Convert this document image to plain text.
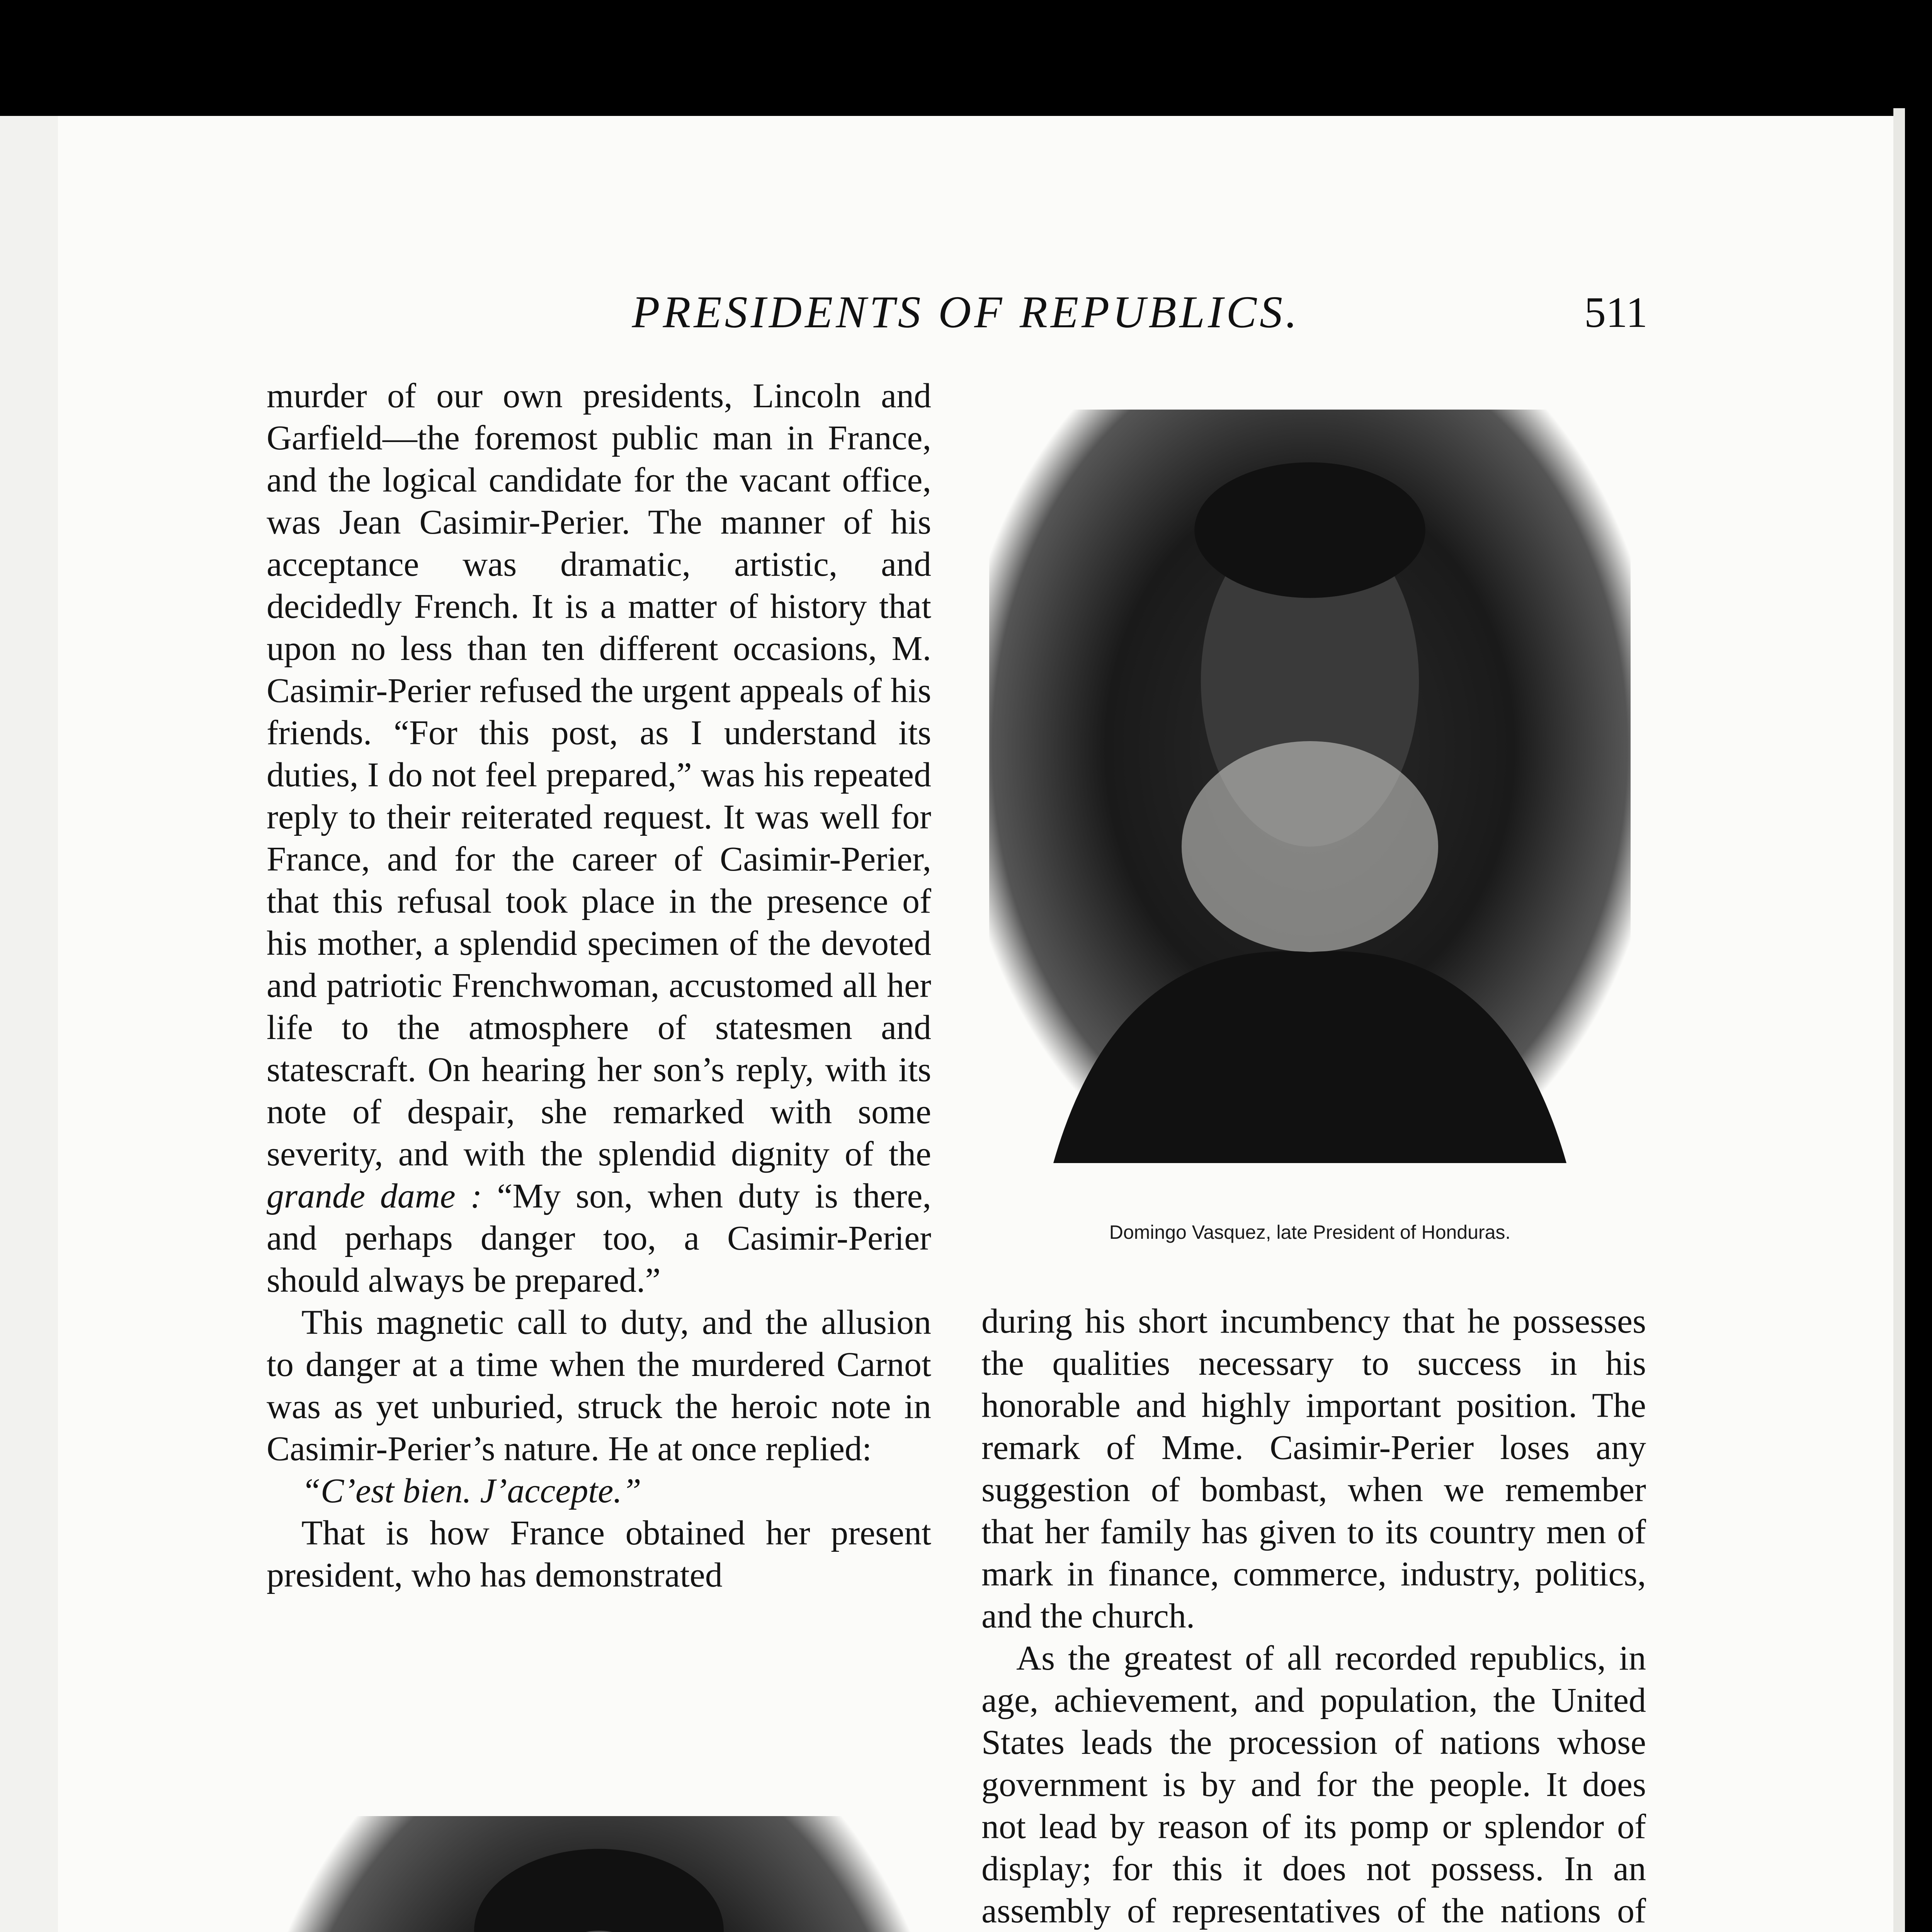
PRESIDENTS OF REPUBLICS.	511

murder of our own presidents, Lincoln and Garfield—the foremost public man in France, and the logical candidate for the vacant office, was Jean Casimir-Perier. The manner of his acceptance was dramatic, artistic, and decidedly French. It is a matter of history that upon no less than ten different occasions, M. Casimir-Perier refused the urgent appeals of his friends. “For this post, as I understand its duties, I do not feel prepared,” was his repeated reply to their reiterated request. It was well for France, and for the career of Casimir-Perier, that this refusal took place in the presence of his mother, a splendid specimen of the devoted and patriotic Frenchwoman, accustomed all her life to the atmosphere of statesmen and statescraft. On hearing her son’s reply, with its note of despair, she remarked with some severity, and with the splendid dignity of the grande dame : “My son, when duty is there, and perhaps danger too, a Casimir-Perier should always be prepared.”

This magnetic call to duty, and the allusion to danger at a time when the murdered Carnot was as yet unburied, struck the heroic note in Casimir-Perier’s nature. He at once replied:

“C’est bien. J’accepte.”

That is how France obtained her present president, who has demonstrated

Domingo Vasquez, late President of Honduras.

during his short incumbency that he possesses the qualities necessary to success in his honorable and highly important position. The remark of Mme. Casimir-Perier loses any suggestion of bombast, when we remember that her family has given to its country men of mark in finance, commerce, industry, politics, and the church.

As the greatest of all recorded republics, in age, achievement, and population, the United States leads the procession of nations whose government is by and for the people. It does not lead by reason of its pomp or splendor of display; for this it does not possess. In an assembly of representatives of the nations of
